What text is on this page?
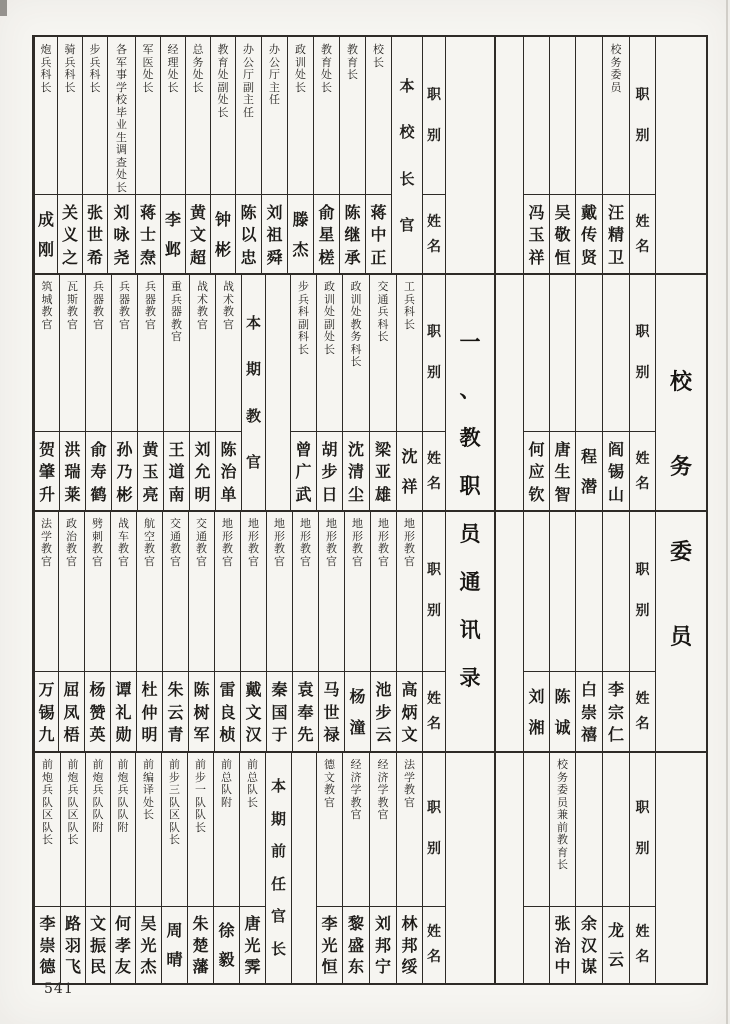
一
、
教
职
员
通
讯
录
校
务
委
员
职
别
姓
名
本
校
长
官
校
长
蒋
中
正
教
育
长
陈
继
承
教
育
处
长
俞
星
槎
政
训
处
长
滕
杰
办
公
厅
主
任
刘
祖
舜
办
公
厅
副
主
任
陈
以
忠
教
育
处
副
处
长
钟
彬
总
务
处
长
黄
文
超
经
理
处
长
李
邺
军
医
处
长
蒋
士
焘
各
军
事
学
校
毕
业
生
调
查
处
长
刘
咏
尧
步
兵
科
长
张
世
希
骑
兵
科
长
关
义
之
炮
兵
科
长
成
刚
职
别
姓
名
校
务
委
员
汪
精
卫
戴
传
贤
吴
敬
恒
冯
玉
祥
职
别
姓
名
工
兵
科
长
沈
祥
交
通
兵
科
长
梁
亚
雄
政
训
处
教
务
科
长
沈
清
尘
政
训
处
副
处
长
胡
步
日
步
兵
科
副
科
长
曾
广
武
本
期
教
官
战
术
教
官
陈
治
单
战
术
教
官
刘
允
明
重
兵
器
教
官
王
道
南
兵
器
教
官
黄
玉
亮
兵
器
教
官
孙
乃
彬
兵
器
教
官
俞
寿
鹤
瓦
斯
教
官
洪
瑞
莱
筑
城
教
官
贺
肇
升
职
别
姓
名
阎
锡
山
程
潜
唐
生
智
何
应
钦
职
别
姓
名
地
形
教
官
高
炳
文
地
形
教
官
池
步
云
地
形
教
官
杨
潼
地
形
教
官
马
世
禄
地
形
教
官
袁
奉
先
地
形
教
官
秦
国
于
地
形
教
官
戴
文
汉
地
形
教
官
雷
良
桢
交
通
教
官
陈
树
军
交
通
教
官
朱
云
青
航
空
教
官
杜
仲
明
战
车
教
官
谭
礼
勋
劈
刺
教
官
杨
赞
英
政
治
教
官
屈
凤
梧
法
学
教
官
万
锡
九
职
别
姓
名
李
宗
仁
白
崇
禧
陈
诚
刘
湘
职
别
姓
名
法
学
教
官
林
邦
绥
经
济
学
教
官
刘
邦
宁
经
济
学
教
官
黎
盛
东
德
文
教
官
李
光
恒
本
期
前
任
官
长
前
总
队
长
唐
光
霁
前
总
队
附
徐
毅
前
步
一
队
队
长
朱
楚
藩
前
步
三
队
区
队
长
周
晴
前
编
译
处
长
吴
光
杰
前
炮
兵
队
队
附
何
孝
友
前
炮
兵
队
队
附
文
振
民
前
炮
兵
队
区
队
长
路
羽
飞
前
炮
兵
队
区
队
长
李
崇
德
职
别
姓
名
龙
云
余
汉
谋
校
务
委
员
兼
前
教
育
长
张
治
中
541
